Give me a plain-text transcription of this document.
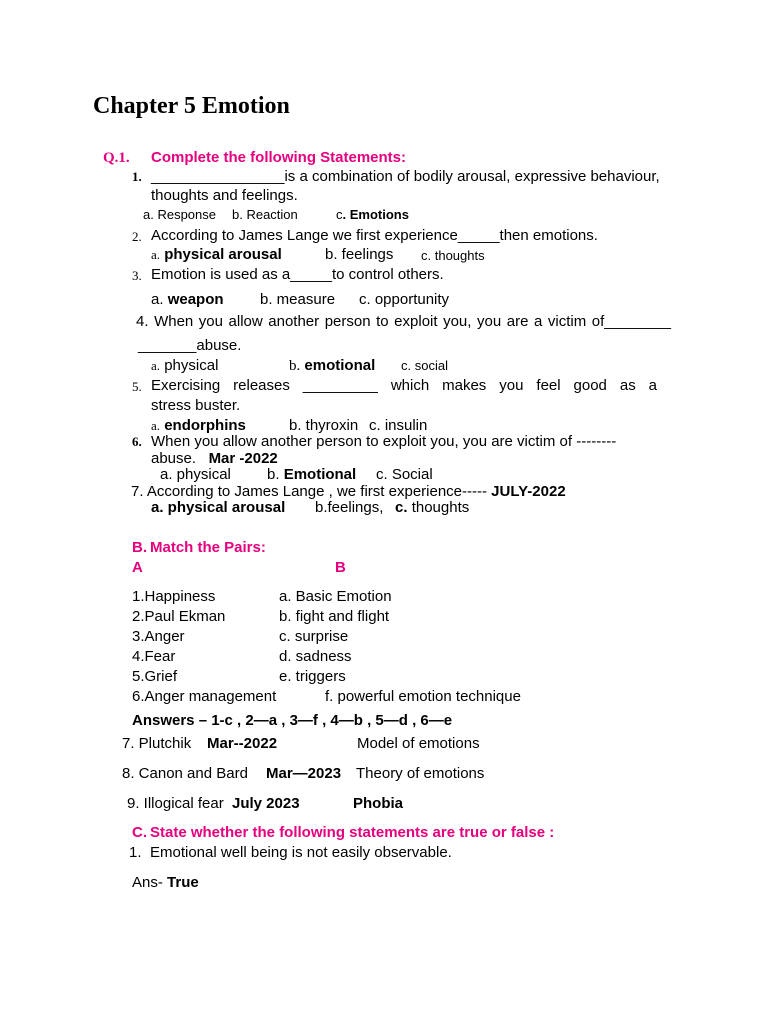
Chapter 5 Emotion
Q.1. Complete the following Statements:
1. ________________is a combination of bodily arousal, expressive behaviour,
thoughts and feelings.
a. Response b. Reaction	c. Emotions
2. According to James Lange we first experience_____then emotions.
a. physical arousal	b. feelings c. thoughts
3. Emotion is used as a_____to control others.
a. weapon b. measure c. opportunity
4. When you allow another person to exploit you, you are a victim of________
_______abuse.
a. physical	b. emotional c. social
5. Exercising releases _________ which makes you feel good as a
stress buster.
a. endorphins	b. thyroxin c. insulin
6. When you allow another person to exploit you, you are victim of --------
abuse. Mar -2022
a. physical b. Emotional c. Social
7. According to James Lange , we first experience----- JULY-2022
a. physical arousal b.feelings, c. thoughts
B. Match the Pairs:
A	B
1.Happiness	a. Basic Emotion
2.Paul Ekman	b. fight and flight
3.Anger	c. surprise
4.Fear	d. sadness
5.Grief	e. triggers
6.Anger management	f. powerful emotion technique
Answers – 1-c , 2—a , 3—f , 4—b , 5—d , 6—e
7. Plutchik Mar--2022	Model of emotions
8. Canon and Bard Mar—2023 Theory of emotions
9. Illogical fear July 2023	Phobia
C. State whether the following statements are true or false :
1. Emotional well being is not easily observable.
Ans- True
